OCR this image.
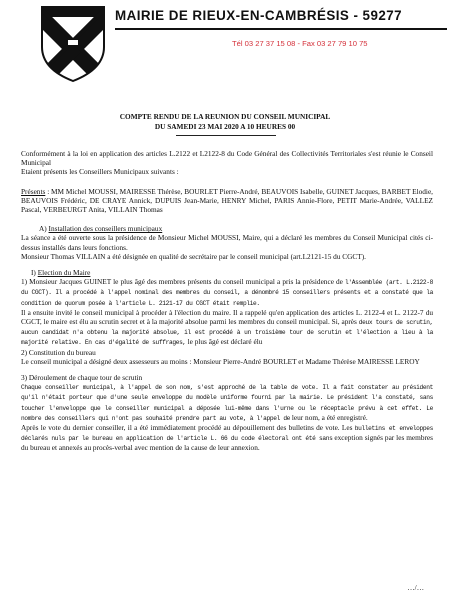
MAIRIE DE RIEUX-EN-CAMBRÉSIS - 59277
Tél 03 27 37 15 08 - Fax 03 27 79 10 75
COMPTE RENDU DE LA REUNION DU CONSEIL MUNICIPAL
DU SAMEDI 23 MAI 2020 A 10 HEURES 00

Conformément à la loi en application des articles L.2122 et L2122-8 du Code Général des Collectivités Territoriales s'est réunie le Conseil Municipal

Etaient présents les Conseillers Municipaux suivants :

Présents : MM Michel MOUSSI, MAIRESSE Thérèse, BOURLET Pierre-André, BEAUVOIS Isabelle, GUINET Jacques, BARBET Elodie, BEAUVOIS Frédéric, DE CRAYE Annick, DUPUIS Jean-Marie, HENRY Michel, PARIS Annie-Flore, PETIT Marie-Andrée, VALLEZ Pascal, VERBEURGT Anita, VILLAIN Thomas

A) Installation des conseillers municipaux

La séance a été ouverte sous la présidence de Monsieur Michel MOUSSI, Maire, qui a déclaré les membres du Conseil Municipal cités ci-dessus installés dans leurs fonctions.

Monsieur Thomas VILLAIN a été désignée en qualité de secrétaire par le conseil municipal (art.L2121-15 du CGCT).

I) Election du Maire

1) Monsieur Jacques GUINET le plus âgé des membres présents du conseil municipal a pris la présidence de l'Assemblée (art. L.2122-8 du CGCT). Il a procédé à l'appel nominal des membres du conseil, a dénombré 15 conseillers présents et a constaté que la condition de quorum posée à l'article L. 2121-17 du CGCT était remplie.

Il a ensuite invité le conseil municipal à procéder à l'élection du maire. Il a rappelé qu'en application des articles L. 2122-4 et L. 2122-7 du CGCT, le maire est élu au scrutin secret et à la majorité absolue parmi les membres du conseil municipal. Si, après deux tours de scrutin, aucun candidat n'a obtenu la majorité absolue, il est procédé à un troisième tour de scrutin et l'élection a lieu à la majorité relative. En cas d'égalité de suffrages, le plus âgé est déclaré élu

2) Constitution du bureau

Le conseil municipal a désigné deux assesseurs au moins : Monsieur Pierre-André BOURLET et Madame Thérèse MAIRESSE LEROY

3) Déroulement de chaque tour de scrutin

Chaque conseiller municipal, à l'appel de son nom, s'est approché de la table de vote. Il a fait constater au président qu'il n'était porteur que d'une seule enveloppe du modèle uniforme fourni par la mairie. Le président l'a constaté, sans toucher l'enveloppe que le conseiller municipal a déposée lui-même dans l'urne ou le réceptacle prévu à cet effet. Le nombre des conseillers qui n'ont pas souhaité prendre part au vote, à l'appel de leur nom, a été enregistré.

Après le vote du dernier conseiller, il a été immédiatement procédé au dépouillement des bulletins de vote. Les bulletins et enveloppes déclarés nuls par le bureau en application de l'article L. 66 du code électoral ont été sans exception signés par les membres du bureau et annexés au procès-verbal avec mention de la cause de leur annexion.

…/…
